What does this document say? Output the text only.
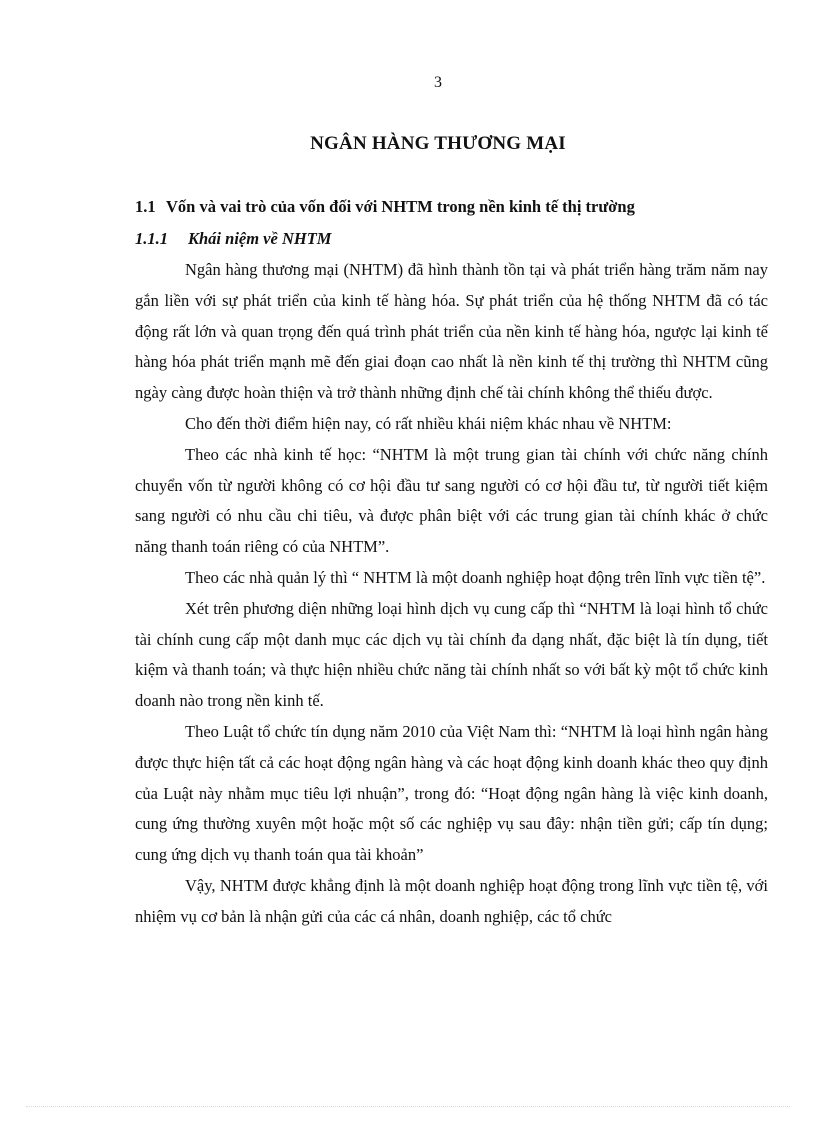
3
NGÂN HÀNG THƯƠNG MẠI
1.1 Vốn và vai trò của vốn đối với NHTM trong nền kinh tế thị trường
1.1.1 Khái niệm về NHTM

Ngân hàng thương mại (NHTM) đã hình thành tồn tại và phát triển hàng trăm năm nay gắn liền với sự phát triển của kinh tế hàng hóa. Sự phát triển của hệ thống NHTM đã có tác động rất lớn và quan trọng đến quá trình phát triển của nền kinh tế hàng hóa, ngược lại kinh tế hàng hóa phát triển mạnh mẽ đến giai đoạn cao nhất là nền kinh tế thị trường thì NHTM cũng ngày càng được hoàn thiện và trở thành những định chế tài chính không thể thiếu được.

Cho đến thời điểm hiện nay, có rất nhiều khái niệm khác nhau về NHTM:

Theo các nhà kinh tế học: “NHTM là một trung gian tài chính với chức năng chính chuyển vốn từ người không có cơ hội đầu tư sang người có cơ hội đầu tư, từ người tiết kiệm sang người có nhu cầu chi tiêu, và được phân biệt với các trung gian tài chính khác ở chức năng thanh toán riêng có của NHTM”.

Theo các nhà quản lý thì “ NHTM là một doanh nghiệp hoạt động trên lĩnh vực tiền tệ”.

Xét trên phương diện những loại hình dịch vụ cung cấp thì “NHTM là loại hình tổ chức tài chính cung cấp một danh mục các dịch vụ tài chính đa dạng nhất, đặc biệt là tín dụng, tiết kiệm và thanh toán; và thực hiện nhiều chức năng tài chính nhất so với bất kỳ một tổ chức kinh doanh nào trong nền kinh tế.

Theo Luật tổ chức tín dụng năm 2010 của Việt Nam thì: “NHTM là loại hình ngân hàng được thực hiện tất cả các hoạt động ngân hàng và các hoạt động kinh doanh khác theo quy định của Luật này nhằm mục tiêu lợi nhuận”, trong đó: “Hoạt động ngân hàng là việc kinh doanh, cung ứng thường xuyên một hoặc một số các nghiệp vụ sau đây: nhận tiền gửi; cấp tín dụng; cung ứng dịch vụ thanh toán qua tài khoản”

Vậy, NHTM được khẳng định là một doanh nghiệp hoạt động trong lĩnh vực tiền tệ, với nhiệm vụ cơ bản là nhận gửi của các cá nhân, doanh nghiệp, các tổ chức
